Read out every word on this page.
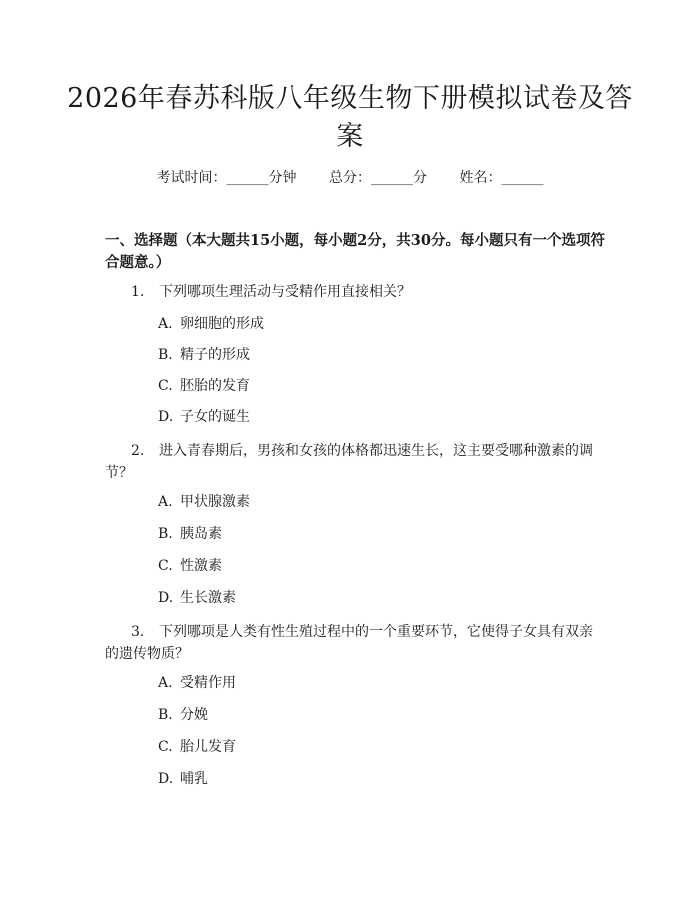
2026年春苏科版八年级生物下册模拟试卷及答案
考试时间：______分钟 总分：______分 姓名：______

一、选择题（本大题共15小题，每小题2分，共30分。每小题只有一个选项符合题意。）

1. 下列哪项生理活动与受精作用直接相关？

A. 卵细胞的形成
B. 精子的形成
C. 胚胎的发育
D. 子女的诞生

2. 进入青春期后，男孩和女孩的体格都迅速生长，这主要受哪种激素的调节？

A. 甲状腺激素
B. 胰岛素
C. 性激素
D. 生长激素

3. 下列哪项是人类有性生殖过程中的一个重要环节，它使得子女具有双亲的遗传物质？

A. 受精作用
B. 分娩
C. 胎儿发育
D. 哺乳
